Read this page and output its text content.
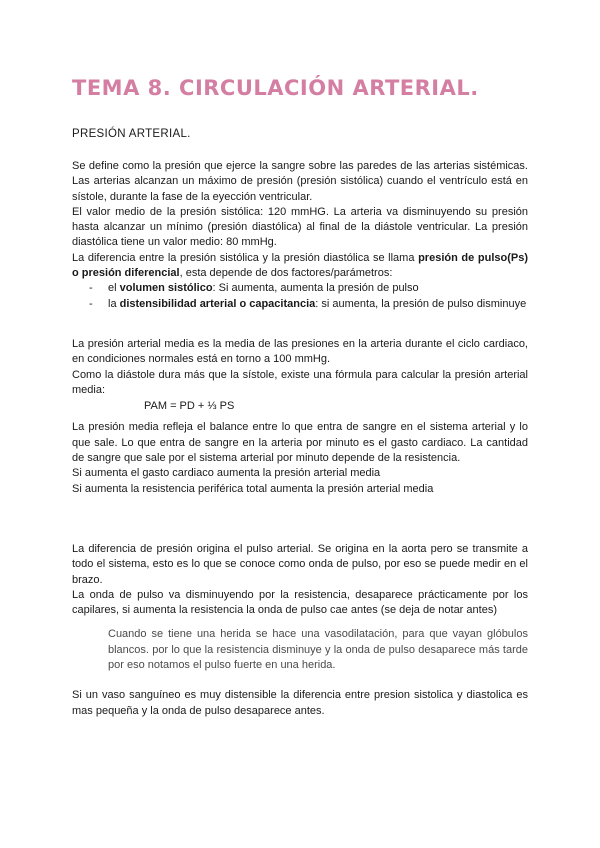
TEMA 8. CIRCULACIÓN ARTERIAL.
PRESIÓN ARTERIAL.

Se define como la presión que ejerce la sangre sobre las paredes de las arterias sistémicas. Las arterias alcanzan un máximo de presión (presión sistólica) cuando el ventrículo está en sístole, durante la fase de la eyección ventricular.

El valor medio de la presión sistólica: 120 mmHG. La arteria va disminuyendo su presión hasta alcanzar un mínimo (presión diastólica) al final de la diástole ventricular. La presión diastólica tiene un valor medio: 80 mmHg.

La diferencia entre la presión sistólica y la presión diastólica se llama presión de pulso(Ps) o presión diferencial, esta depende de dos factores/parámetros:

- el volumen sistólico: Si aumenta, aumenta la presión de pulso
- la distensibilidad arterial o capacitancia: si aumenta, la presión de pulso disminuye

La presión arterial media es la media de las presiones en la arteria durante el ciclo cardiaco, en condiciones normales está en torno a 100 mmHg.

Como la diástole dura más que la sístole, existe una fórmula para calcular la presión arterial media:

PAM = PD + ⅓ PS

La presión media refleja el balance entre lo que entra de sangre en el sistema arterial y lo que sale. Lo que entra de sangre en la arteria por minuto es el gasto cardiaco. La cantidad de sangre que sale por el sistema arterial por minuto depende de la resistencia.

Si aumenta el gasto cardiaco aumenta la presión arterial media

Si aumenta la resistencia periférica total aumenta la presión arterial media

La diferencia de presión origina el pulso arterial. Se origina en la aorta pero se transmite a todo el sistema, esto es lo que se conoce como onda de pulso, por eso se puede medir en el brazo.

La onda de pulso va disminuyendo por la resistencia, desaparece prácticamente por los capilares, si aumenta la resistencia la onda de pulso cae antes (se deja de notar antes)

Cuando se tiene una herida se hace una vasodilatación, para que vayan glóbulos blancos. por lo que la resistencia disminuye y la onda de pulso desaparece más tarde por eso notamos el pulso fuerte en una herida.

Si un vaso sanguíneo es muy distensible la diferencia entre presion sistolica y diastolica es mas pequeña y la onda de pulso desaparece antes.
